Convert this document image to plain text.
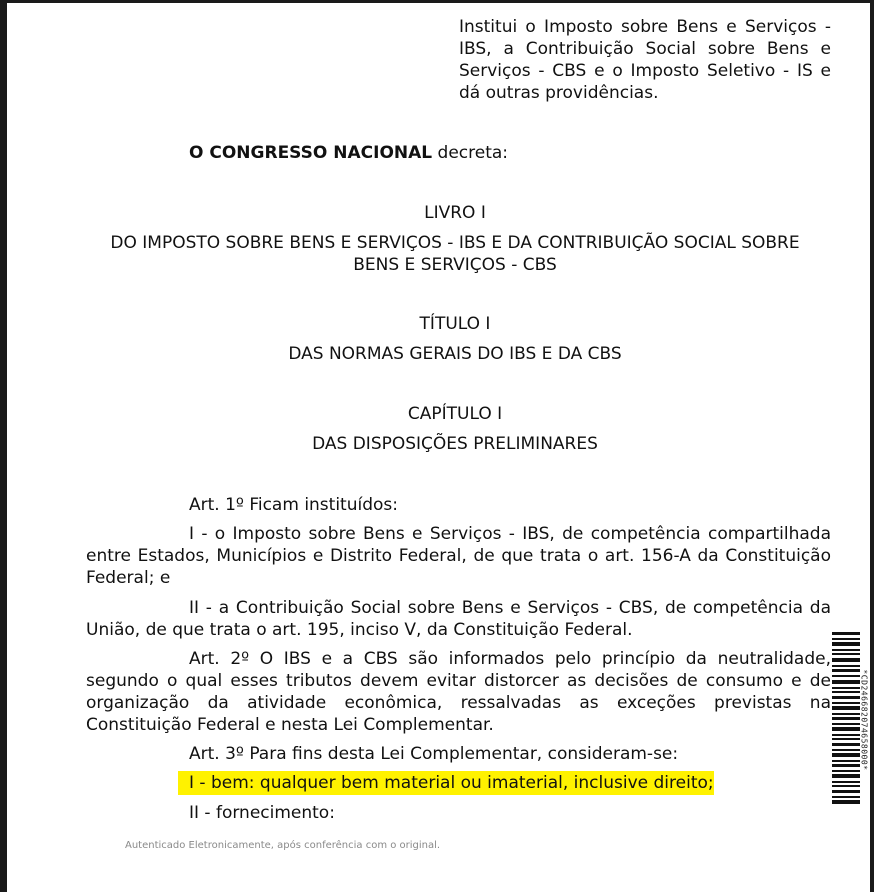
Institui o Imposto sobre Bens e Serviços - IBS, a Contribuição Social sobre Bens e Serviços - CBS e o Imposto Seletivo - IS e dá outras providências.
O CONGRESSO NACIONAL decreta:
LIVRO I
DO IMPOSTO SOBRE BENS E SERVIÇOS - IBS E DA CONTRIBUIÇÃO SOCIAL SOBRE
BENS E SERVIÇOS - CBS
TÍTULO I
DAS NORMAS GERAIS DO IBS E DA CBS
CAPÍTULO I
DAS DISPOSIÇÕES PRELIMINARES
Art. 1º Ficam instituídos:
I - o Imposto sobre Bens e Serviços - IBS, de competência compartilhada entre Estados, Municípios e Distrito Federal, de que trata o art. 156-A da Constituição Federal; e
II - a Contribuição Social sobre Bens e Serviços - CBS, de competência da União, de que trata o art. 195, inciso V, da Constituição Federal.
Art. 2º O IBS e a CBS são informados pelo princípio da neutralidade, segundo o qual esses tributos devem evitar distorcer as decisões de consumo e de organização da atividade econômica, ressalvadas as exceções previstas na Constituição Federal e nesta Lei Complementar.
Art. 3º Para fins desta Lei Complementar, consideram-se:
I - bem: qualquer bem material ou imaterial, inclusive direito;
II - fornecimento:
Autenticado Eletronicamente, após conferência com o original.
*CD246682074658000*
